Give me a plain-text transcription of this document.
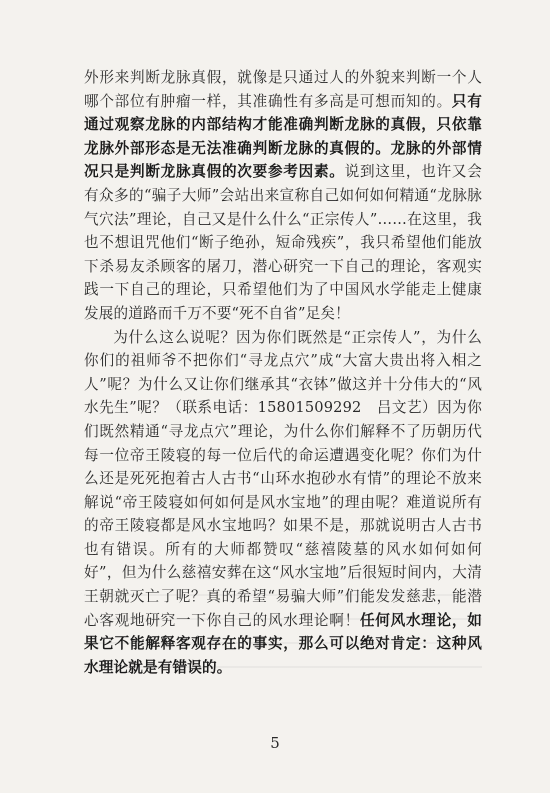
外形来判断龙脉真假，就像是只通过人的外貌来判断一个人哪个部位有肿瘤一样，其准确性有多高是可想而知的。只有通过观察龙脉的内部结构才能准确判断龙脉的真假，只依靠龙脉外部形态是无法准确判断龙脉的真假的。龙脉的外部情况只是判断龙脉真假的次要参考因素。说到这里，也许又会有众多的“骗子大师”会站出来宣称自己如何如何精通“龙脉脉气穴法”理论，自己又是什么什么“正宗传人”……在这里，我也不想诅咒他们“断子绝孙，短命残疾”，我只希望他们能放下杀易友杀顾客的屠刀，潜心研究一下自己的理论，客观实践一下自己的理论，只希望他们为了中国风水学能走上健康发展的道路而千万不要“死不自省”足矣！

为什么这么说呢？因为你们既然是“正宗传人”，为什么你们的祖师爷不把你们“寻龙点穴”成“大富大贵出将入相之人”呢？为什么又让你们继承其“衣钵”做这并十分伟大的“风水先生”呢？（联系电话：15801509292　吕文艺）因为你们既然精通“寻龙点穴”理论，为什么你们解释不了历朝历代每一位帝王陵寝的每一位后代的命运遭遇变化呢？你们为什么还是死死抱着古人古书“山环水抱砂水有情”的理论不放来解说“帝王陵寝如何如何是风水宝地”的理由呢？难道说所有的帝王陵寝都是风水宝地吗？如果不是，那就说明古人古书也有错误。所有的大师都赞叹“慈禧陵墓的风水如何如何好”，但为什么慈禧安葬在这“风水宝地”后很短时间内，大清王朝就灭亡了呢？真的希望“易骗大师”们能发发慈悲，能潜心客观地研究一下你自己的风水理论啊！任何风水理论，如果它不能解释客观存在的事实，那么可以绝对肯定：这种风水理论就是有错误的。

5
